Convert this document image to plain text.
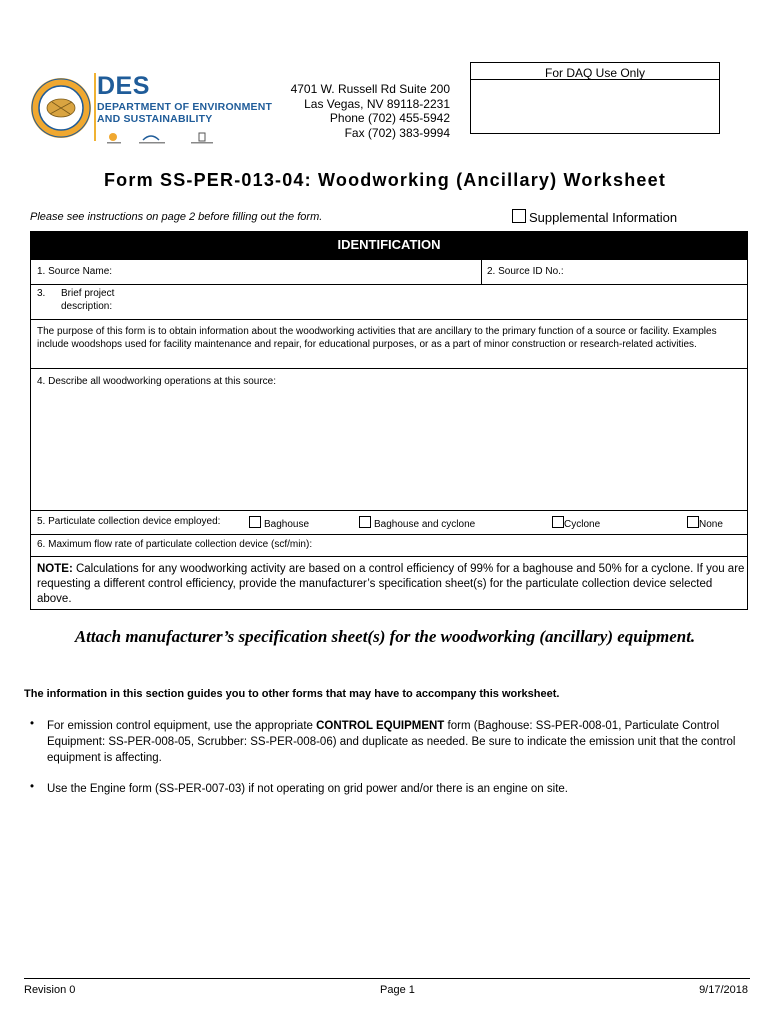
DES
DEPARTMENT OF ENVIRONMENT
AND SUSTAINABILITY
4701 W. Russell Rd Suite 200
Las Vegas, NV 89118-2231
Phone (702) 455-5942
Fax (702) 383-9994
For DAQ Use Only
Form SS-PER-013-04: Woodworking (Ancillary) Worksheet
Please see instructions on page 2 before filling out the form.	Supplemental Information
IDENTIFICATION
1. Source Name:	2. Source ID No.:
3. Brief project
description:
The purpose of this form is to obtain information about the woodworking activities that are ancillary to the primary function of a source or facility. Examples include woodshops used for facility maintenance and repair, for educational purposes, or as a part of minor construction or research-related activities.
4. Describe all woodworking operations at this source:
5. Particulate collection device employed:	Baghouse	Baghouse and cyclone	Cyclone	None
6. Maximum flow rate of particulate collection device (scf/min):
NOTE: Calculations for any woodworking activity are based on a control efficiency of 99% for a baghouse and 50% for a cyclone. If you are requesting a different control efficiency, provide the manufacturer’s specification sheet(s) for the particulate collection device selected above.
Attach manufacturer’s specification sheet(s) for the woodworking (ancillary) equipment.
The information in this section guides you to other forms that may have to accompany this worksheet.
• For emission control equipment, use the appropriate CONTROL EQUIPMENT form (Baghouse: SS-PER-008-01, Particulate Control Equipment: SS-PER-008-05, Scrubber: SS-PER-008-06) and duplicate as needed. Be sure to indicate the emission unit that the control equipment is affecting.
• Use the Engine form (SS-PER-007-03) if not operating on grid power and/or there is an engine on site.
Revision 0	Page 1	9/17/2018
